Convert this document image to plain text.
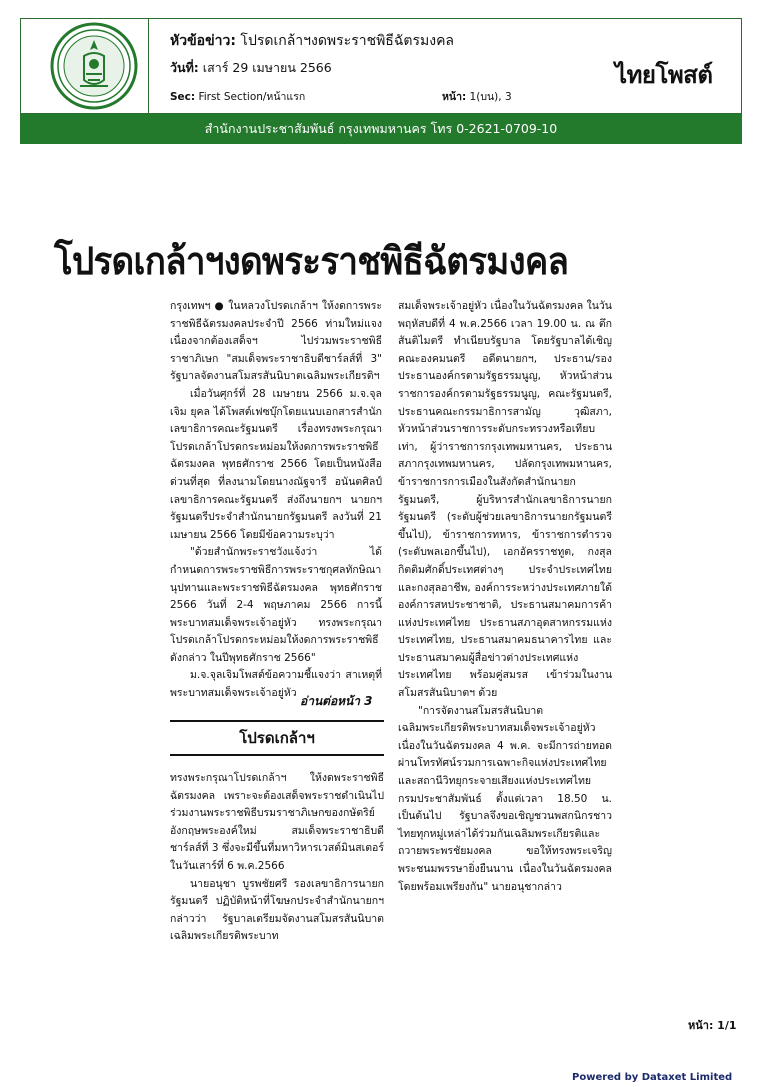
หัวข้อข่าว: โปรดเกล้าฯงดพระราชพิธีฉัตรมงคล
วันที่: เสาร์ 29 เมษายน 2566
Sec: First Section/หน้าแรก	หน้า: 1(บน), 3
ไทยโพสต์
สำนักงานประชาสัมพันธ์ กรุงเทพมหานคร โทร 0-2621-0709-10
โปรดเกล้าฯงดพระราชพิธีฉัตรมงคล

กรุงเทพฯ ● ในหลวงโปรดเกล้าฯ ให้งดการพระราชพิธีฉัตรมงคลประจำปี 2566 ท่ามใหม่แจงเนื่องจากต้องเสด็จฯ ไปร่วมพระราชพิธีราชาภิเษก "สมเด็จพระราชาธิบดีชาร์ลส์ที่ 3" รัฐบาลจัดงานสโมสรสันนิบาตเฉลิมพระเกียรติฯ

เมื่อวันศุกร์ที่ 28 เมษายน 2566 ม.จ.จุลเจิม ยุคล ได้โพสต์เฟซบุ๊กโดยแนบเอกสารสำนักเลขาธิการคณะรัฐมนตรี เรื่องทรงพระกรุณาโปรดเกล้าโปรดกระหม่อมให้งดการพระราชพิธีฉัตรมงคล พุทธศักราช 2566 โดยเป็นหนังสือด่วนที่สุด ที่ลงนามโดยนางณัฐจารี อนันตศิลป์ เลขาธิการคณะรัฐมนตรี ส่งถึงนายกฯ นายกฯ รัฐมนตรีประจำสำนักนายกรัฐมนตรี ลงวันที่ 21 เมษายน 2566 โดยมีข้อความระบุว่า

"ด้วยสำนักพระราชวังแจ้งว่า ได้กำหนดการพระราชพิธีการพระราชกุศลทักษิณานุปทานและพระราชพิธีฉัตรมงคล พุทธศักราช 2566 วันที่ 2-4 พฤษภาคม 2566 การนี้ พระบาทสมเด็จพระเจ้าอยู่หัว ทรงพระกรุณาโปรดเกล้าโปรดกระหม่อมให้งดการพระราชพิธีดังกล่าว ในปีพุทธศักราช 2566"

ม.จ.จุลเจิมโพสต์ข้อความชี้แจงว่า สาเหตุที่พระบาทสมเด็จพระเจ้าอยู่หัว

อ่านต่อหน้า 3
โปรดเกล้าฯ

ทรงพระกรุณาโปรดเกล้าฯ ให้งดพระราชพิธีฉัตรมงคล เพราะจะต้องเสด็จพระราชดำเนินไปร่วมงานพระราชพิธีบรมราชาภิเษกของกษัตริย์อังกฤษพระองค์ใหม่ สมเด็จพระราชาธิบดีชาร์ลส์ที่ 3 ซึ่งจะมีขึ้นที่มหาวิหารเวสต์มินสเตอร์ ในวันเสาร์ที่ 6 พ.ค.2566

นายอนุชา บูรพชัยศรี รองเลขาธิการนายกรัฐมนตรี ปฏิบัติหน้าที่โฆษกประจำสำนักนายกฯ กล่าวว่า รัฐบาลเตรียมจัดงานสโมสรสันนิบาตเฉลิมพระเกียรติพระบาท

สมเด็จพระเจ้าอยู่หัว เนื่องในวันฉัตรมงคล ในวันพฤหัสบดีที่ 4 พ.ค.2566 เวลา 19.00 น. ณ ตึกสันติไมตรี ทำเนียบรัฐบาล โดยรัฐบาลได้เชิญคณะองคมนตรี อดีตนายกฯ, ประธาน/รองประธานองค์กรตามรัฐธรรมนูญ, หัวหน้าส่วนราชการองค์กรตามรัฐธรรมนูญ, คณะรัฐมนตรี, ประธานคณะกรรมาธิการสามัญ วุฒิสภา, หัวหน้าส่วนราชการระดับกระทรวงหรือเทียบเท่า, ผู้ว่าราชการกรุงเทพมหานคร, ประธานสภากรุงเทพมหานคร, ปลัดกรุงเทพมหานคร, ข้าราชการการเมืองในสังกัดสำนักนายกรัฐมนตรี, ผู้บริหารสำนักเลขาธิการนายกรัฐมนตรี (ระดับผู้ช่วยเลขาธิการนายกรัฐมนตรีขึ้นไป), ข้าราชการทหาร, ข้าราชการตำรวจ (ระดับพลเอกขึ้นไป), เอกอัครราชทูต, กงสุลกิตติมศักดิ์ประเทศต่างๆ ประจำประเทศไทย และกงสุลอาชีพ, องค์การระหว่างประเทศภายใต้องค์การสหประชาชาติ, ประธานสมาคมการค้าแห่งประเทศไทย ประธานสภาอุตสาหกรรมแห่งประเทศไทย, ประธานสมาคมธนาคารไทย และประธานสมาคมผู้สื่อข่าวต่างประเทศแห่งประเทศไทย พร้อมคู่สมรส เข้าร่วมในงานสโมสรสันนิบาตฯ ด้วย

"การจัดงานสโมสรสันนิบาตเฉลิมพระเกียรติพระบาทสมเด็จพระเจ้าอยู่หัว เนื่องในวันฉัตรมงคล 4 พ.ค. จะมีการถ่ายทอดผ่านโทรทัศน์รวมการเฉพาะกิจแห่งประเทศไทย และสถานีวิทยุกระจายเสียงแห่งประเทศไทย กรมประชาสัมพันธ์ ตั้งแต่เวลา 18.50 น. เป็นต้นไป รัฐบาลจึงขอเชิญชวนพสกนิกรชาวไทยทุกหมู่เหล่าได้ร่วมกันเฉลิมพระเกียรติและถวายพระพรชัยมงคล ขอให้ทรงพระเจริญ พระชนมพรรษายิ่งยืนนาน เนื่องในวันฉัตรมงคลโดยพร้อมเพรียงกัน" นายอนุชากล่าว

หน้า: 1/1
Powered by Dataxet Limited
